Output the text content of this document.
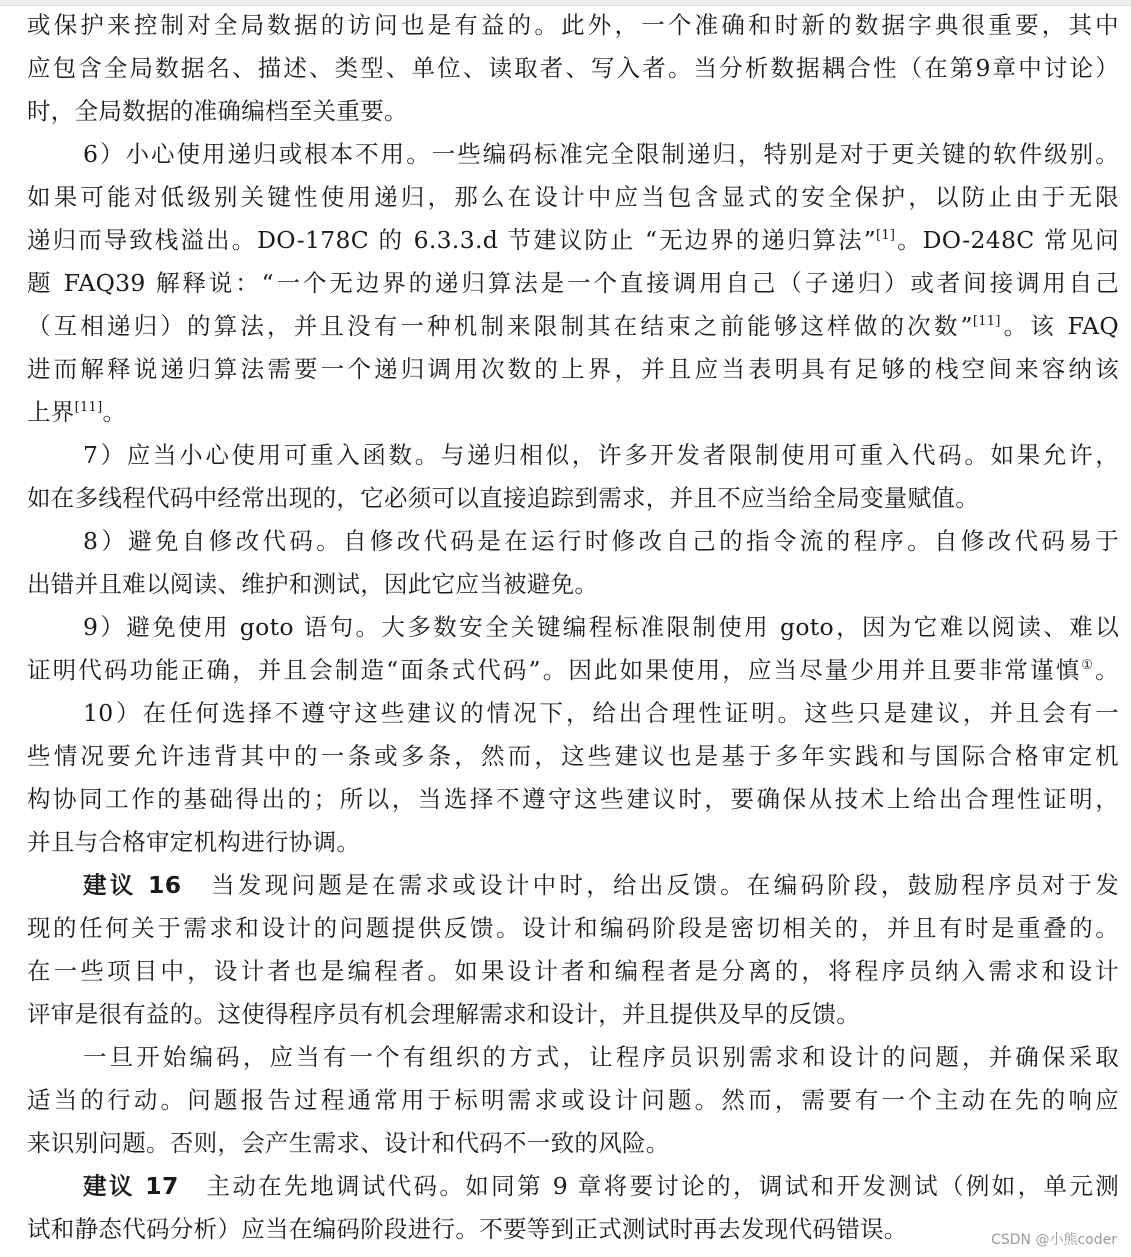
或保护来控制对全局数据的访问也是有益的。此外，一个准确和时新的数据字典很重要，其中
应包含全局数据名、描述、类型、单位、读取者、写入者。当分析数据耦合性（在第9章中讨论）
时，全局数据的准确编档至关重要。
6）小心使用递归或根本不用。一些编码标准完全限制递归，特别是对于更关键的软件级别。
如果可能对低级别关键性使用递归，那么在设计中应当包含显式的安全保护，以防止由于无限
递归而导致栈溢出。DO-178C 的 6.3.3.d 节建议防止 “无边界的递归算法”[1]。DO-248C 常见问
题 FAQ39 解释说：“一个无边界的递归算法是一个直接调用自己（子递归）或者间接调用自己
（互相递归）的算法，并且没有一种机制来限制其在结束之前能够这样做的次数”[11]。该 FAQ
进而解释说递归算法需要一个递归调用次数的上界，并且应当表明具有足够的栈空间来容纳该
上界[11]。
7）应当小心使用可重入函数。与递归相似，许多开发者限制使用可重入代码。如果允许，
如在多线程代码中经常出现的，它必须可以直接追踪到需求，并且不应当给全局变量赋值。
8）避免自修改代码。自修改代码是在运行时修改自己的指令流的程序。自修改代码易于
出错并且难以阅读、维护和测试，因此它应当被避免。
9）避免使用 goto 语句。大多数安全关键编程标准限制使用 goto，因为它难以阅读、难以
证明代码功能正确，并且会制造“面条式代码”。因此如果使用，应当尽量少用并且要非常谨慎①。
10）在任何选择不遵守这些建议的情况下，给出合理性证明。这些只是建议，并且会有一
些情况要允许违背其中的一条或多条，然而，这些建议也是基于多年实践和与国际合格审定机
构协同工作的基础得出的；所以，当选择不遵守这些建议时，要确保从技术上给出合理性证明，
并且与合格审定机构进行协调。
建议 16　当发现问题是在需求或设计中时，给出反馈。在编码阶段，鼓励程序员对于发
现的任何关于需求和设计的问题提供反馈。设计和编码阶段是密切相关的，并且有时是重叠的。
在一些项目中，设计者也是编程者。如果设计者和编程者是分离的，将程序员纳入需求和设计
评审是很有益的。这使得程序员有机会理解需求和设计，并且提供及早的反馈。
一旦开始编码，应当有一个有组织的方式，让程序员识别需求和设计的问题，并确保采取
适当的行动。问题报告过程通常用于标明需求或设计问题。然而，需要有一个主动在先的响应
来识别问题。否则，会产生需求、设计和代码不一致的风险。
建议 17　主动在先地调试代码。如同第 9 章将要讨论的，调试和开发测试（例如，单元测
试和静态代码分析）应当在编码阶段进行。不要等到正式测试时再去发现代码错误。	CSDN @小熊coder
